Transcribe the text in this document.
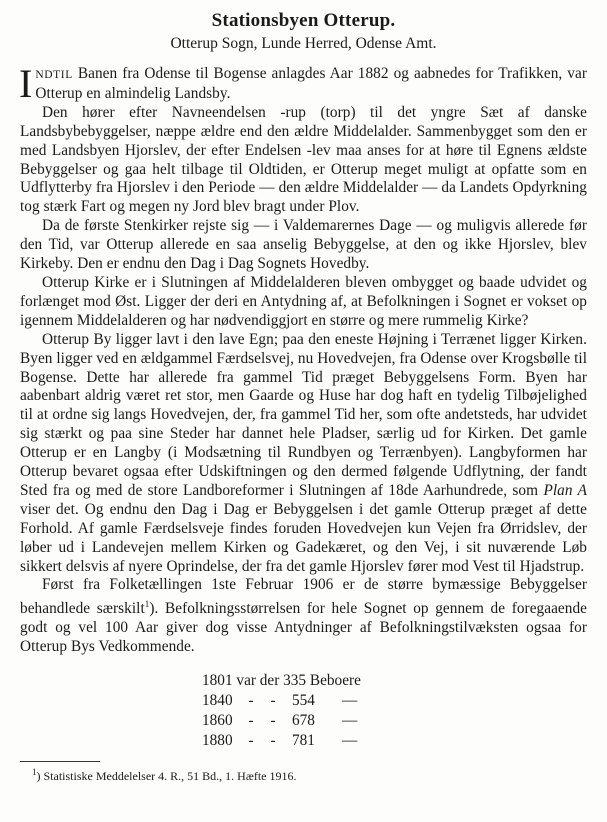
Stationsbyen Otterup.
Otterup Sogn, Lunde Herred, Odense Amt.

INDTIL Banen fra Odense til Bogense anlagdes Aar 1882 og aabnedes for Trafikken, var Otterup en almindelig Landsby.

Den hører efter Navneendelsen -rup (torp) til det yngre Sæt af danske Landsbybebyggelser, næppe ældre end den ældre Middelalder. Sammenbygget som den er med Landsbyen Hjorslev, der efter Endelsen -lev maa anses for at høre til Egnens ældste Bebyggelser og gaa helt tilbage til Oldtiden, er Otterup meget muligt at opfatte som en Udflytterby fra Hjorslev i den Periode — den ældre Middelalder — da Landets Opdyrkning tog stærk Fart og megen ny Jord blev bragt under Plov.

Da de første Stenkirker rejste sig — i Valdemarernes Dage — og muligvis allerede før den Tid, var Otterup allerede en saa anselig Bebyggelse, at den og ikke Hjorslev, blev Kirkeby. Den er endnu den Dag i Dag Sognets Hovedby.

Otterup Kirke er i Slutningen af Middelalderen bleven ombygget og baade udvidet og forlænget mod Øst. Ligger der deri en Antydning af, at Befolkningen i Sognet er vokset op igennem Middelalderen og har nødvendiggjort en større og mere rummelig Kirke?

Otterup By ligger lavt i den lave Egn; paa den eneste Højning i Terrænet ligger Kirken. Byen ligger ved en ældgammel Færdselsvej, nu Hovedvejen, fra Odense over Krogsbølle til Bogense. Dette har allerede fra gammel Tid præget Bebyggelsens Form. Byen har aabenbart aldrig været ret stor, men Gaarde og Huse har dog haft en tydelig Tilbøjelighed til at ordne sig langs Hovedvejen, der, fra gammel Tid her, som ofte andetsteds, har udvidet sig stærkt og paa sine Steder har dannet hele Pladser, særlig ud for Kirken. Det gamle Otterup er en Langby (i Modsætning til Rundbyen og Terrænbyen). Langbyformen har Otterup bevaret ogsaa efter Udskiftningen og den dermed følgende Udflytning, der fandt Sted fra og med de store Landboreformer i Slutningen af 18de Aarhundrede, som Plan A viser det. Og endnu den Dag i Dag er Bebyggelsen i det gamle Otterup præget af dette Forhold. Af gamle Færdselsveje findes foruden Hovedvejen kun Vejen fra Ørridslev, der løber ud i Landevejen mellem Kirken og Gadekæret, og den Vej, i sit nuværende Løb sikkert delsvis af nyere Oprindelse, der fra det gamle Hjorslev fører mod Vest til Hjadstrup.

Først fra Folketællingen 1ste Februar 1906 er de større bymæssige Bebyggelser behandlede særskilt$^1$). Befolkningsstørrelsen for hele Sognet op gennem de foregaaende godt og vel 100 Aar giver dog visse Antydninger af Befolkningstilvæksten ogsaa for Otterup Bys Vedkommende.

1801 var der 335 Beboere
1840	-	-	554	—
1860	-	-	678	—
1880	-	-	781	—
$^1$) Statistiske Meddelelser 4. R., 51 Bd., 1. Hæfte 1916.
